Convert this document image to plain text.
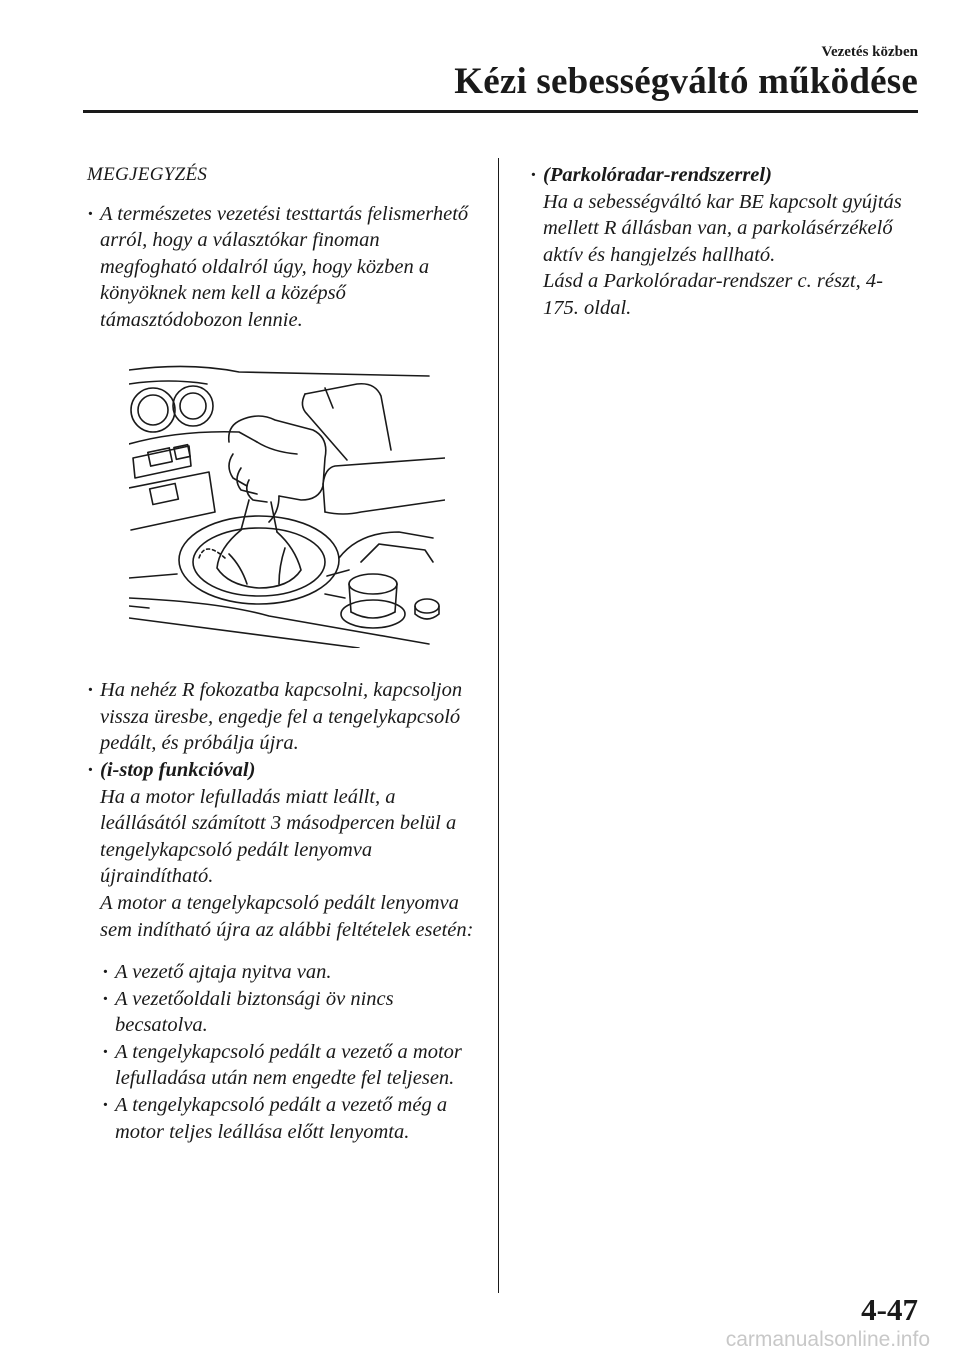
Vezetés közben
Kézi sebességváltó működése

MEGJEGYZÉS

· A természetes vezetési testtartás felismerhető arról, hogy a választókar finoman megfogható oldalról úgy, hogy közben a könyöknek nem kell a középső támasztódobozon lennie.

· Ha nehéz R fokozatba kapcsolni, kapcsoljon vissza üresbe, engedje fel a tengelykapcsoló pedált, és próbálja újra.

· (i-stop funkcióval)

Ha a motor lefulladás miatt leállt, a leállásától számított 3 másodpercen belül a tengelykapcsoló pedált lenyomva újraindítható.

A motor a tengelykapcsoló pedált lenyomva sem indítható újra az alábbi feltételek esetén:

· A vezető ajtaja nyitva van.

· A vezetőoldali biztonsági öv nincs becsatolva.

· A tengelykapcsoló pedált a vezető a motor lefulladása után nem engedte fel teljesen.

· A tengelykapcsoló pedált a vezető még a motor teljes leállása előtt lenyomta.

· (Parkolóradar-rendszerrel)

Ha a sebességváltó kar BE kapcsolt gyújtás mellett R állásban van, a parkolásérzékelő aktív és hangjelzés hallható.

Lásd a Parkolóradar-rendszer c. részt, 4-175. oldal.

4-47
carmanualsonline.info
